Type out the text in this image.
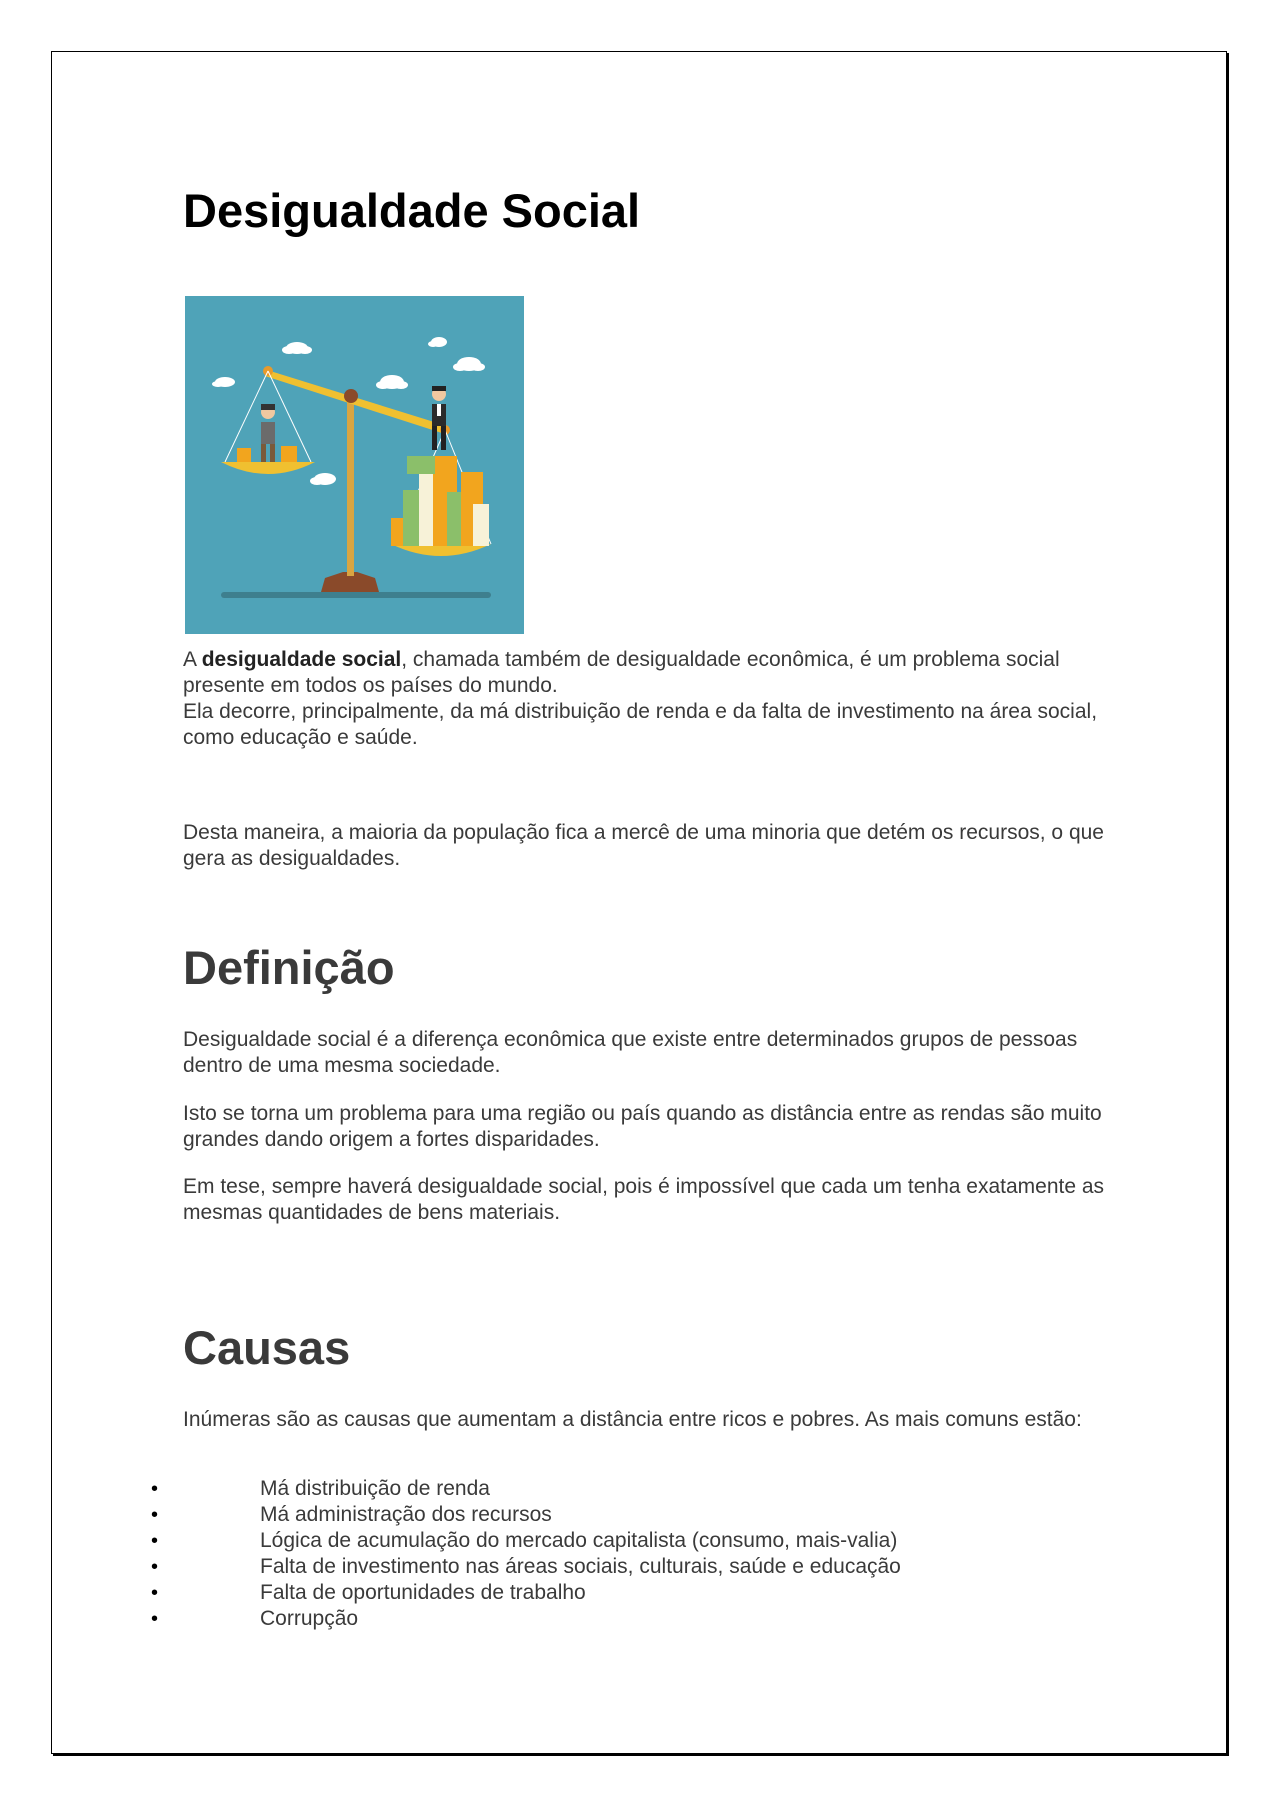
Desigualdade Social

A desigualdade social, chamada também de desigualdade econômica, é um problema social presente em todos os países do mundo.
Ela decorre, principalmente, da má distribuição de renda e da falta de investimento na área social, como educação e saúde.

Desta maneira, a maioria da população fica a mercê de uma minoria que detém os recursos, o que gera as desigualdades.

Definição

Desigualdade social é a diferença econômica que existe entre determinados grupos de pessoas dentro de uma mesma sociedade.

Isto se torna um problema para uma região ou país quando as distância entre as rendas são muito grandes dando origem a fortes disparidades.

Em tese, sempre haverá desigualdade social, pois é impossível que cada um tenha exatamente as mesmas quantidades de bens materiais.

Causas

Inúmeras são as causas que aumentam a distância entre ricos e pobres. As mais comuns estão:

•	Má distribuição de renda
•	Má administração dos recursos
•	Lógica de acumulação do mercado capitalista (consumo, mais-valia)
•	Falta de investimento nas áreas sociais, culturais, saúde e educação
•	Falta de oportunidades de trabalho
•	Corrupção
